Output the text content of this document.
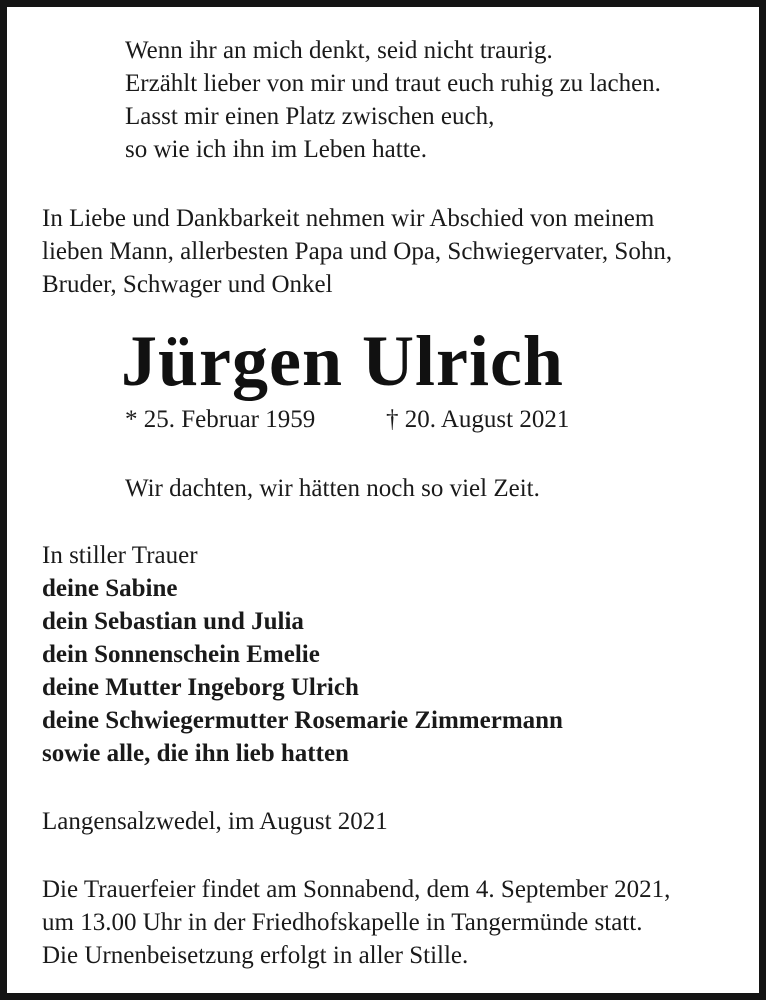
Wenn ihr an mich denkt, seid nicht traurig.
Erzählt lieber von mir und traut euch ruhig zu lachen.
Lasst mir einen Platz zwischen euch,
so wie ich ihn im Leben hatte.
In Liebe und Dankbarkeit nehmen wir Abschied von meinem
lieben Mann, allerbesten Papa und Opa, Schwiegervater, Sohn,
Bruder, Schwager und Onkel
Jürgen Ulrich
* 25. Februar 1959	† 20. August 2021
Wir dachten, wir hätten noch so viel Zeit.
In stiller Trauer
deine Sabine
dein Sebastian und Julia
dein Sonnenschein Emelie
deine Mutter Ingeborg Ulrich
deine Schwiegermutter Rosemarie Zimmermann
sowie alle, die ihn lieb hatten
Langensalzwedel, im August 2021
Die Trauerfeier findet am Sonnabend, dem 4. September 2021,
um 13.00 Uhr in der Friedhofskapelle in Tangermünde statt.
Die Urnenbeisetzung erfolgt in aller Stille.
